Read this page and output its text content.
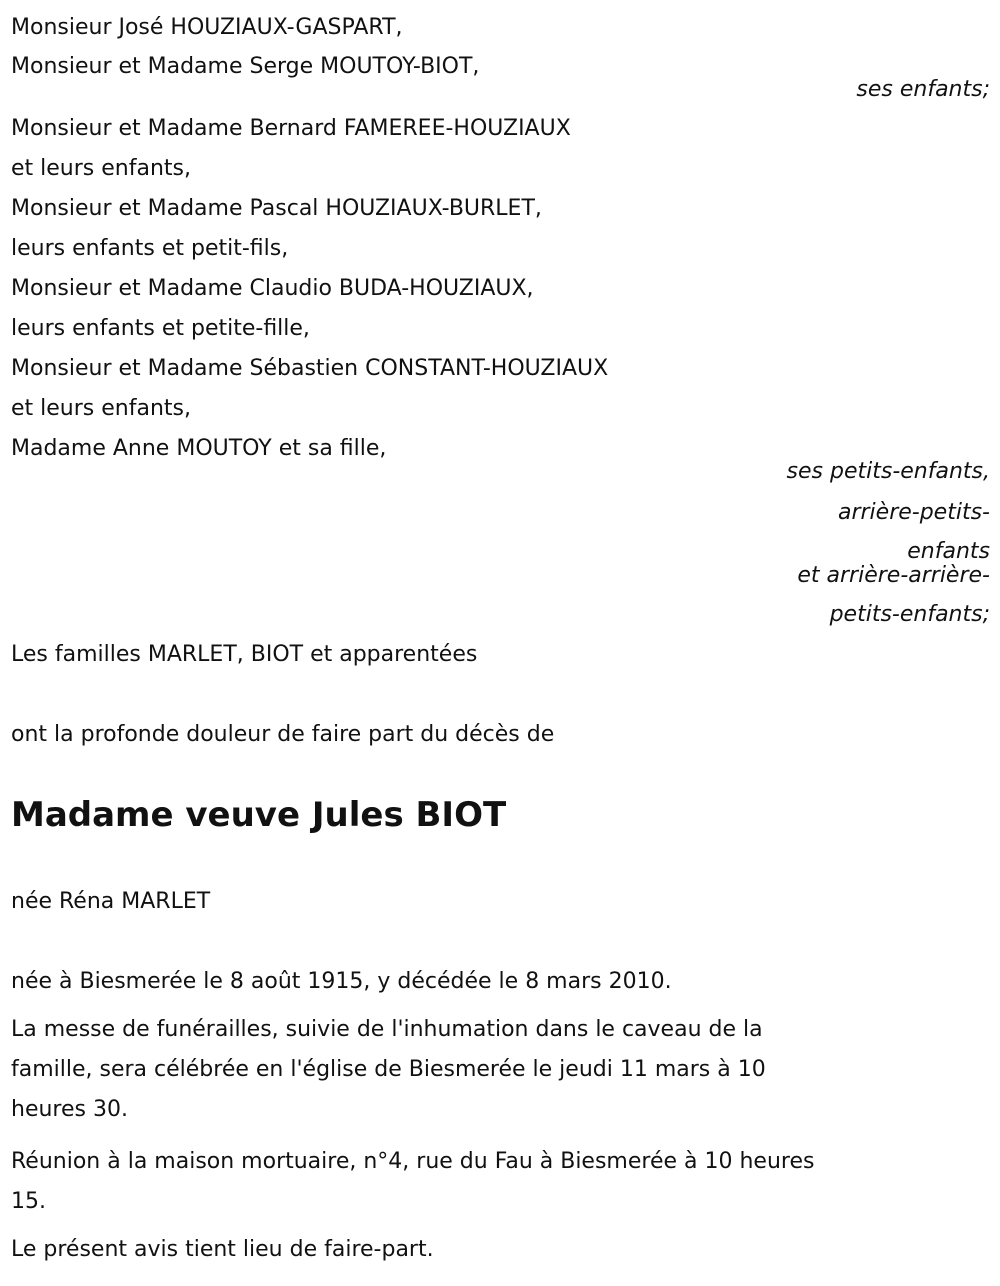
Monsieur José HOUZIAUX-GASPART,
Monsieur et Madame Serge MOUTOY-BIOT,
ses enfants;
Monsieur et Madame Bernard FAMEREE-HOUZIAUX
et leurs enfants,
Monsieur et Madame Pascal HOUZIAUX-BURLET,
leurs enfants et petit-fils,
Monsieur et Madame Claudio BUDA-HOUZIAUX,
leurs enfants et petite-fille,
Monsieur et Madame Sébastien CONSTANT-HOUZIAUX
et leurs enfants,
Madame Anne MOUTOY et sa fille,
ses petits-enfants,
arrière-petits-
enfants
et arrière-arrière-
petits-enfants;
Les familles MARLET, BIOT et apparentées
ont la profonde douleur de faire part du décès de
Madame veuve Jules BIOT
née Réna MARLET
née à Biesmerée le 8 août 1915, y décédée le 8 mars 2010.
La messe de funérailles, suivie de l'inhumation dans le caveau de la
famille, sera célébrée en l'église de Biesmerée le jeudi 11 mars à 10
heures 30.
Réunion à la maison mortuaire, n°4, rue du Fau à Biesmerée à 10 heures
15.
Le présent avis tient lieu de faire-part.
